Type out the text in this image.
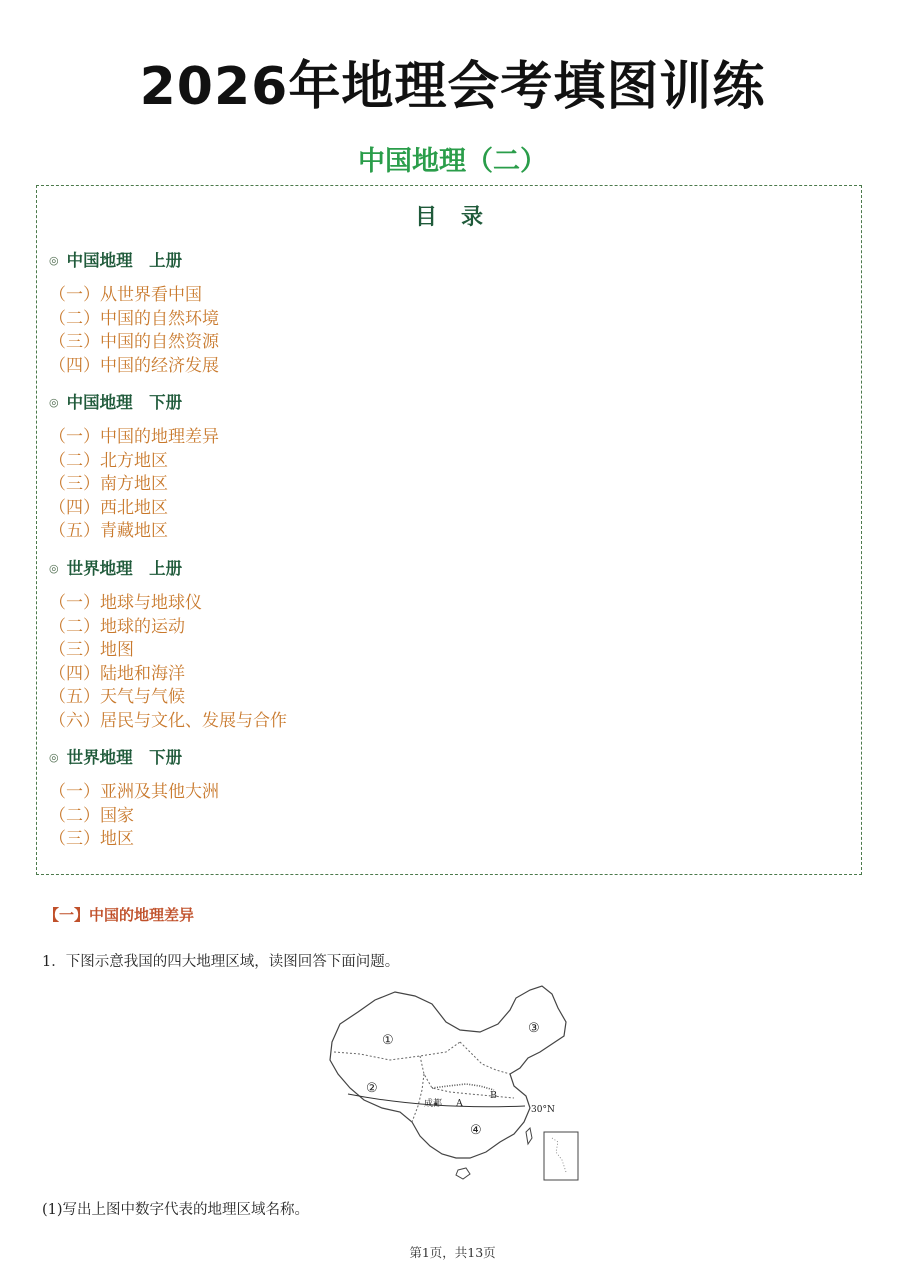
2026年地理会考填图训练
中国地理（二）
目录
◎ 中国地理　上册
（一）从世界看中国
（二）中国的自然环境
（三）中国的自然资源
（四）中国的经济发展
◎ 中国地理　下册
（一）中国的地理差异
（二）北方地区
（三）南方地区
（四）西北地区
（五）青藏地区
◎ 世界地理　上册
（一）地球与地球仪
（二）地球的运动
（三）地图
（四）陆地和海洋
（五）天气与气候
（六）居民与文化、发展与合作
◎ 世界地理　下册
（一）亚洲及其他大洲
（二）国家
（三）地区
【一】中国的地理差异
1．下图示意我国的四大地理区域，读图回答下面问题。
①
②
③
④
A
B
成都
30°N
(1)写出上图中数字代表的地理区域名称。
第1页，共13页
